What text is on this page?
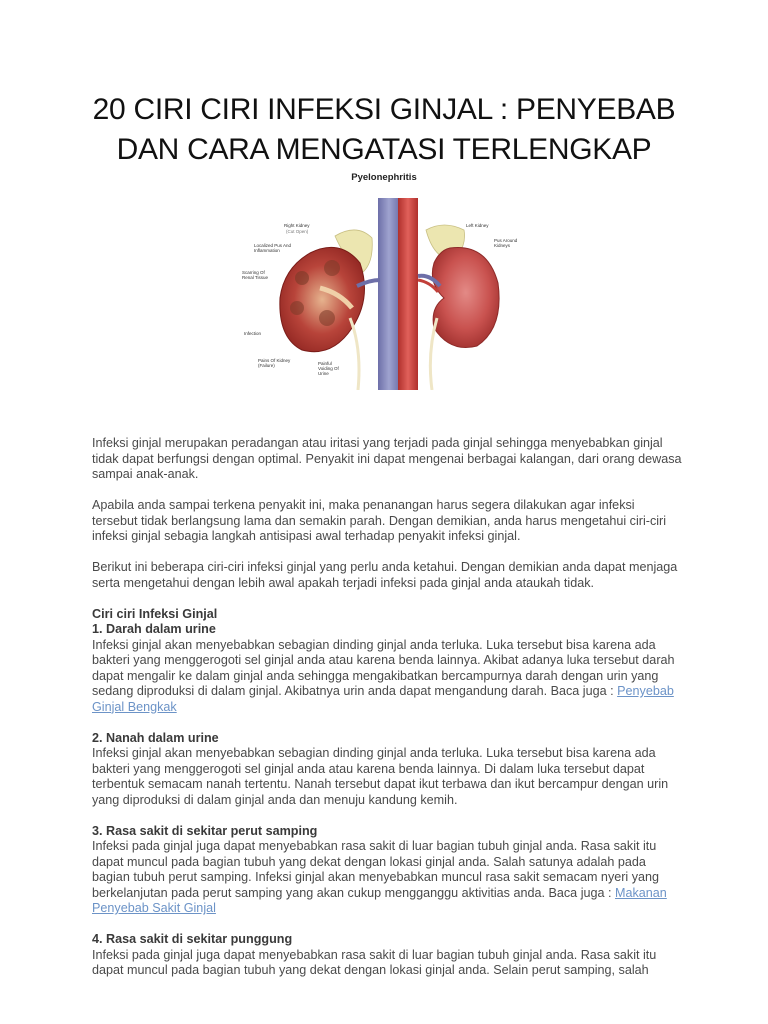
20 CIRI CIRI INFEKSI GINJAL : PENYEBAB DAN CARA MENGATASI TERLENGKAP
Pyelonephritis
Right Kidney
(Cut Open)
Localized Pus And Inflammation
Scarring Of Renal Tissue
Infection
Pains Of Kidney (Failure)	Painful Voiding Of Urine
Left Kidney
Pus Around Kidneys

Infeksi ginjal merupakan peradangan atau iritasi yang terjadi pada ginjal sehingga menyebabkan ginjal tidak dapat berfungsi dengan optimal. Penyakit ini dapat mengenai berbagai kalangan, dari orang dewasa sampai anak-anak.

Apabila anda sampai terkena penyakit ini, maka penanangan harus segera dilakukan agar infeksi tersebut tidak berlangsung lama dan semakin parah. Dengan demikian, anda harus mengetahui ciri-ciri infeksi ginjal sebagia langkah antisipasi awal terhadap penyakit infeksi ginjal.

Berikut ini beberapa ciri-ciri infeksi ginjal yang perlu anda ketahui. Dengan demikian anda dapat menjaga serta mengetahui dengan lebih awal apakah terjadi infeksi pada ginjal anda ataukah tidak.

Ciri ciri Infeksi Ginjal
1. Darah dalam urine
Infeksi ginjal akan menyebabkan sebagian dinding ginjal anda terluka. Luka tersebut bisa karena ada bakteri yang menggerogoti sel ginjal anda atau karena benda lainnya. Akibat adanya luka tersebut darah dapat mengalir ke dalam ginjal anda sehingga mengakibatkan bercampurnya darah dengan urin yang sedang diproduksi di dalam ginjal. Akibatnya urin anda dapat mengandung darah. Baca juga : Penyebab Ginjal Bengkak
2. Nanah dalam urine
Infeksi ginjal akan menyebabkan sebagian dinding ginjal anda terluka. Luka tersebut bisa karena ada bakteri yang menggerogoti sel ginjal anda atau karena benda lainnya. Di dalam luka tersebut dapat terbentuk semacam nanah tertentu. Nanah tersebut dapat ikut terbawa dan ikut bercampur dengan urin yang diproduksi di dalam ginjal anda dan menuju kandung kemih.
3. Rasa sakit di sekitar perut samping
Infeksi pada ginjal juga dapat menyebabkan rasa sakit di luar bagian tubuh ginjal anda. Rasa sakit itu dapat muncul pada bagian tubuh yang dekat dengan lokasi ginjal anda. Salah satunya adalah pada bagian tubuh perut samping. Infeksi ginjal akan menyebabkan muncul rasa sakit semacam nyeri yang berkelanjutan pada perut samping yang akan cukup mengganggu aktivitias anda. Baca juga : Makanan Penyebab Sakit Ginjal
4. Rasa sakit di sekitar punggung
Infeksi pada ginjal juga dapat menyebabkan rasa sakit di luar bagian tubuh ginjal anda. Rasa sakit itu dapat muncul pada bagian tubuh yang dekat dengan lokasi ginjal anda. Selain perut samping, salah
